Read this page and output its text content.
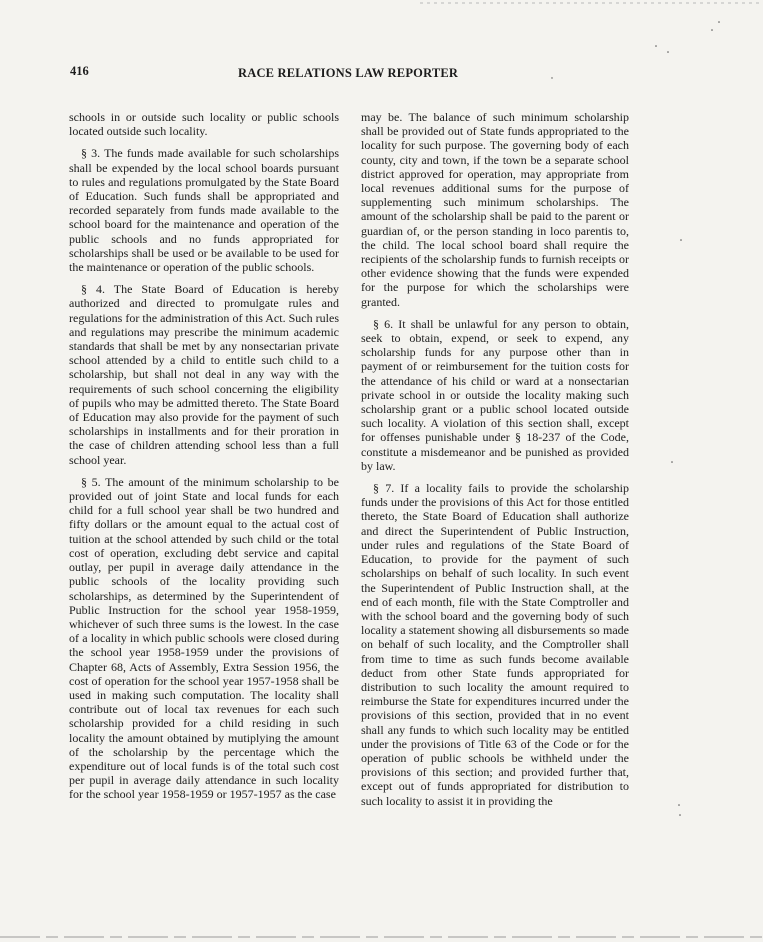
416	RACE RELATIONS LAW REPORTER

schools in or outside such locality or public schools located outside such locality.

§ 3. The funds made available for such scholarships shall be expended by the local school boards pursuant to rules and regulations promulgated by the State Board of Education. Such funds shall be appropriated and recorded separately from funds made available to the school board for the maintenance and operation of the public schools and no funds appropriated for scholarships shall be used or be available to be used for the maintenance or operation of the public schools.

§ 4. The State Board of Education is hereby authorized and directed to promulgate rules and regulations for the administration of this Act. Such rules and regulations may prescribe the minimum academic standards that shall be met by any nonsectarian private school attended by a child to entitle such child to a scholarship, but shall not deal in any way with the requirements of such school concerning the eligibility of pupils who may be admitted thereto. The State Board of Education may also provide for the payment of such scholarships in installments and for their proration in the case of children attending school less than a full school year.

§ 5. The amount of the minimum scholarship to be provided out of joint State and local funds for each child for a full school year shall be two hundred and fifty dollars or the amount equal to the actual cost of tuition at the school attended by such child or the total cost of operation, excluding debt service and capital outlay, per pupil in average daily attendance in the public schools of the locality providing such scholarships, as determined by the Superintendent of Public Instruction for the school year 1958-1959, whichever of such three sums is the lowest. In the case of a locality in which public schools were closed during the school year 1958-1959 under the provisions of Chapter 68, Acts of Assembly, Extra Session 1956, the cost of operation for the school year 1957-1958 shall be used in making such computation. The locality shall contribute out of local tax revenues for each such scholarship provided for a child residing in such locality the amount obtained by mutiplying the amount of the scholarship by the percentage which the expenditure out of local funds is of the total such cost per pupil in average daily attendance in such locality for the school year 1958-1959 or 1957-1957 as the case

may be. The balance of such minimum scholarship shall be provided out of State funds appropriated to the locality for such purpose. The governing body of each county, city and town, if the town be a separate school district approved for operation, may appropriate from local revenues additional sums for the purpose of supplementing such minimum scholarships. The amount of the scholarship shall be paid to the parent or guardian of, or the person standing in loco parentis to, the child. The local school board shall require the recipients of the scholarship funds to furnish receipts or other evidence showing that the funds were expended for the purpose for which the scholarships were granted.

§ 6. It shall be unlawful for any person to obtain, seek to obtain, expend, or seek to expend, any scholarship funds for any purpose other than in payment of or reimbursement for the tuition costs for the attendance of his child or ward at a nonsectarian private school in or outside the locality making such scholarship grant or a public school located outside such locality. A violation of this section shall, except for offenses punishable under § 18-237 of the Code, constitute a misdemeanor and be punished as provided by law.

§ 7. If a locality fails to provide the scholarship funds under the provisions of this Act for those entitled thereto, the State Board of Education shall authorize and direct the Superintendent of Public Instruction, under rules and regulations of the State Board of Education, to provide for the payment of such scholarships on behalf of such locality. In such event the Superintendent of Public Instruction shall, at the end of each month, file with the State Comptroller and with the school board and the governing body of such locality a statement showing all disbursements so made on behalf of such locality, and the Comptroller shall from time to time as such funds become available deduct from other State funds appropriated for distribution to such locality the amount required to reimburse the State for expenditures incurred under the provisions of this section, provided that in no event shall any funds to which such locality may be entitled under the provisions of Title 63 of the Code or for the operation of public schools be withheld under the provisions of this section; and provided further that, except out of funds appropriated for distribution to such locality to assist it in providing the
